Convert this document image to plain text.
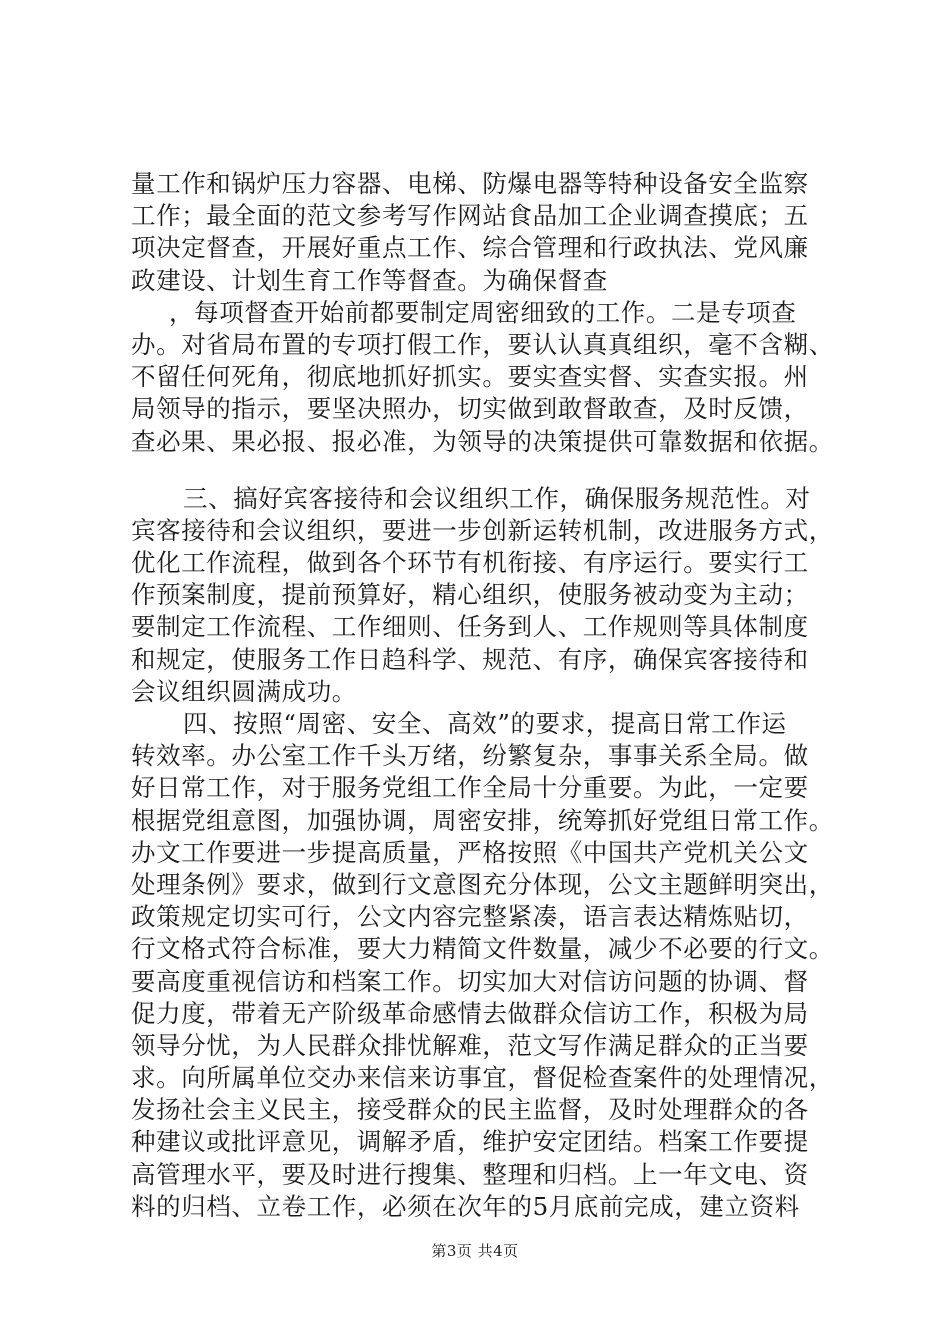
量工作和锅炉压力容器、电梯、防爆电器等特种设备安全监察
工作；最全面的范文参考写作网站食品加工企业调查摸底；五
项决定督查，开展好重点工作、综合管理和行政执法、党风廉
政建设、计划生育工作等督查。为确保督查
，每项督查开始前都要制定周密细致的工作。二是专项查
办。对省局布置的专项打假工作，要认认真真组织，毫不含糊、
不留任何死角，彻底地抓好抓实。要实查实督、实查实报。州
局领导的指示，要坚决照办，切实做到敢督敢查，及时反馈，
查必果、果必报、报必准，为领导的决策提供可靠数据和依据。
三、搞好宾客接待和会议组织工作，确保服务规范性。对
宾客接待和会议组织，要进一步创新运转机制，改进服务方式，
优化工作流程，做到各个环节有机衔接、有序运行。要实行工
作预案制度，提前预算好，精心组织，使服务被动变为主动；
要制定工作流程、工作细则、任务到人、工作规则等具体制度
和规定，使服务工作日趋科学、规范、有序，确保宾客接待和
会议组织圆满成功。
四、按照“周密、安全、高效”的要求，提高日常工作运
转效率。办公室工作千头万绪，纷繁复杂，事事关系全局。做
好日常工作，对于服务党组工作全局十分重要。为此，一定要
根据党组意图，加强协调，周密安排，统筹抓好党组日常工作。
办文工作要进一步提高质量，严格按照《中国共产党机关公文
处理条例》要求，做到行文意图充分体现，公文主题鲜明突出，
政策规定切实可行，公文内容完整紧凑，语言表达精炼贴切，
行文格式符合标准，要大力精简文件数量，减少不必要的行文。
要高度重视信访和档案工作。切实加大对信访问题的协调、督
促力度，带着无产阶级革命感情去做群众信访工作，积极为局
领导分忧，为人民群众排忧解难，范文写作满足群众的正当要
求。向所属单位交办来信来访事宜，督促检查案件的处理情况，
发扬社会主义民主，接受群众的民主监督，及时处理群众的各
种建议或批评意见，调解矛盾，维护安定团结。档案工作要提
高管理水平，要及时进行搜集、整理和归档。上一年文电、资
料的归档、立卷工作，必须在次年的5月底前完成，建立资料
第3页 共4页
